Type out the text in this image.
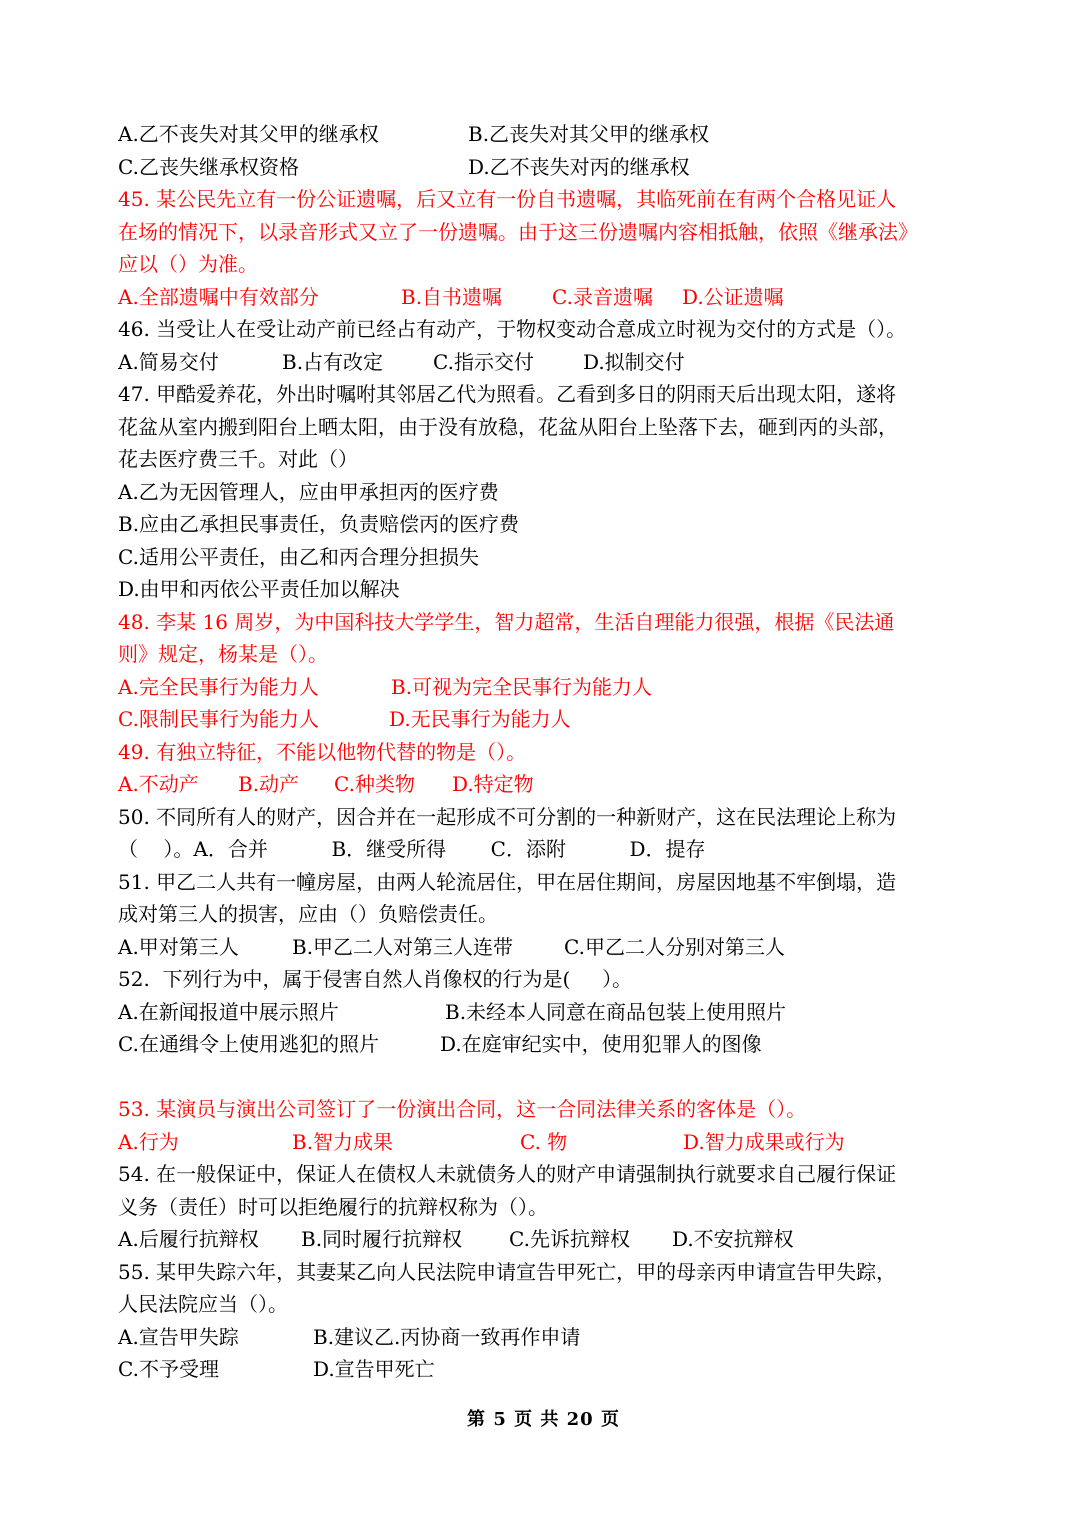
A.乙不丧失对其父甲的继承权	B.乙丧失对其父甲的继承权
C.乙丧失继承权资格	D.乙不丧失对丙的继承权
45. 某公民先立有一份公证遗嘱，后又立有一份自书遗嘱，其临死前在有两个合格见证人
在场的情况下，以录音形式又立了一份遗嘱。由于这三份遗嘱内容相抵触，依照《继承法》
应以（）为准。
A.全部遗嘱中有效部分	B.自书遗嘱 C.录音遗嘱 D.公证遗嘱
46. 当受让人在受让动产前已经占有动产，于物权变动合意成立时视为交付的方式是（）。
A.简易交付	B.占有改定 C.指示交付 D.拟制交付
47. 甲酷爱养花，外出时嘱咐其邻居乙代为照看。乙看到多日的阴雨天后出现太阳，遂将
花盆从室内搬到阳台上晒太阳，由于没有放稳，花盆从阳台上坠落下去，砸到丙的头部，
花去医疗费三千。对此（）
A.乙为无因管理人，应由甲承担丙的医疗费
B.应由乙承担民事责任，负责赔偿丙的医疗费
C.适用公平责任，由乙和丙合理分担损失
D.由甲和丙依公平责任加以解决
48. 李某 16 周岁，为中国科技大学学生，智力超常，生活自理能力很强，根据《民法通
则》规定，杨某是（）。
A.完全民事行为能力人	B.可视为完全民事行为能力人
C.限制民事行为能力人	D.无民事行为能力人
49. 有独立特征，不能以他物代替的物是（）。
A.不动产 B.动产 C.种类物 D.特定物
50. 不同所有人的财产，因合并在一起形成不可分割的一种新财产，这在民法理论上称为
（    ）。A．合并          B．继受所得       C．添附          D．提存
51. 甲乙二人共有一幢房屋，由两人轮流居住，甲在居住期间，房屋因地基不牢倒塌，造
成对第三人的损害，应由（）负赔偿责任。
A.甲对第三人	B.甲乙二人对第三人连带	C.甲乙二人分别对第三人
52.  下列行为中，属于侵害自然人肖像权的行为是(     ）。
A.在新闻报道中展示照片	B.未经本人同意在商品包装上使用照片
C.在通缉令上使用逃犯的照片	D.在庭审纪实中，使用犯罪人的图像
53. 某演员与演出公司签订了一份演出合同，这一合同法律关系的客体是（）。
A.行为	B.智力成果	C. 物	D.智力成果或行为
54. 在一般保证中，保证人在债权人未就债务人的财产申请强制执行就要求自己履行保证
义务（责任）时可以拒绝履行的抗辩权称为（）。
A.后履行抗辩权 B.同时履行抗辩权 C.先诉抗辩权 D.不安抗辩权
55. 某甲失踪六年，其妻某乙向人民法院申请宣告甲死亡，甲的母亲丙申请宣告甲失踪，
人民法院应当（）。
A.宣告甲失踪	B.建议乙.丙协商一致再作申请
C.不予受理	D.宣告甲死亡
第 5 页 共 20 页
